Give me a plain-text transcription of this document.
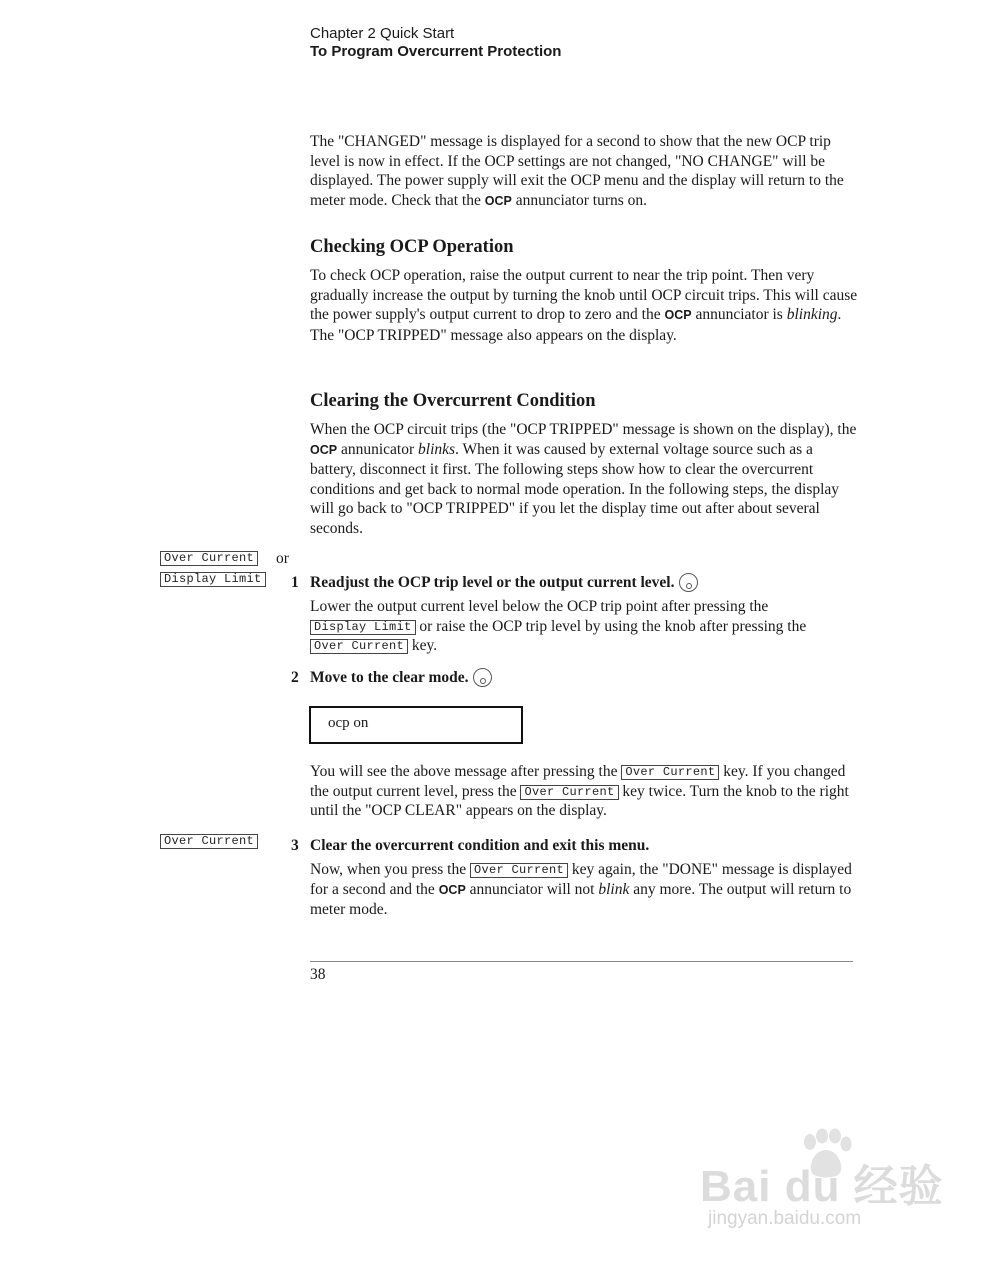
Chapter 2 Quick Start
To Program Overcurrent Protection

The "CHANGED" message is displayed for a second to show that the new OCP trip level is now in effect. If the OCP settings are not changed, "NO CHANGE" will be displayed. The power supply will exit the OCP menu and the display will return to the meter mode. Check that the OCP annunciator turns on.

Checking OCP Operation

To check OCP operation, raise the output current to near the trip point. Then very gradually increase the output by turning the knob until OCP circuit trips. This will cause the power supply's output current to drop to zero and the OCP annunciator is blinking. The "OCP TRIPPED" message also appears on the display.

Clearing the Overcurrent Condition

When the OCP circuit trips (the "OCP TRIPPED" message is shown on the display), the OCP annunicator blinks. When it was caused by external voltage source such as a battery, disconnect it first. The following steps show how to clear the overcurrent conditions and get back to normal mode operation. In the following steps, the display will go back to "OCP TRIPPED" if you let the display time out after about several seconds.

Over Current or
Display Limit 1 Readjust the OCP trip level or the output current level.

Lower the output current level below the OCP trip point after pressing the Display Limit or raise the OCP trip level by using the knob after pressing the Over Current key.

2 Move to the clear mode.
ocp on

You will see the above message after pressing the Over Current key. If you changed the output current level, press the Over Current key twice. Turn the knob to the right until the "OCP CLEAR" appears on the display.

Over Current 3 Clear the overcurrent condition and exit this menu.

Now, when you press the Over Current key again, the "DONE" message is displayed for a second and the OCP annunciator will not blink any more. The output will return to meter mode.

38
Bai du 经验
jingyan.baidu.com
